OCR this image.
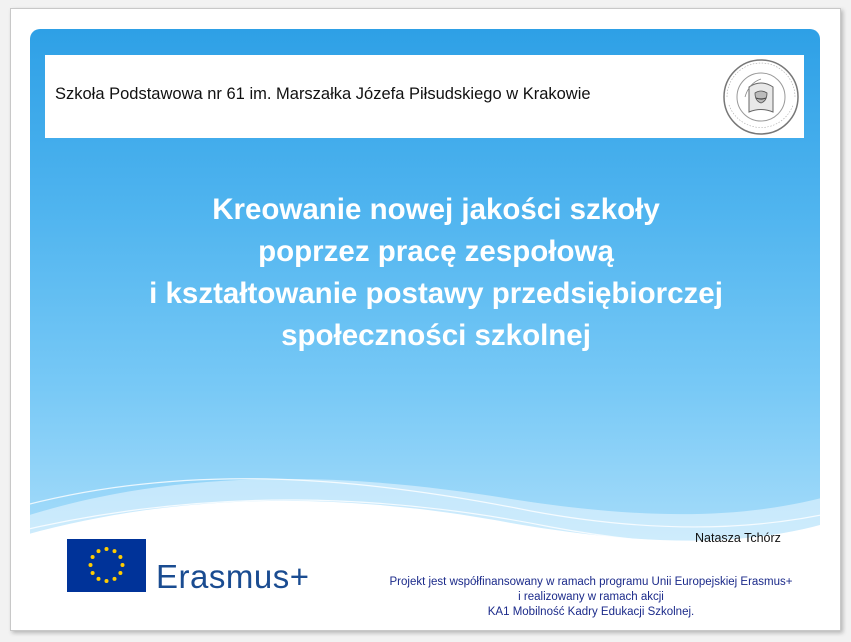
Szkoła Podstawowa nr 61 im. Marszałka Józefa Piłsudskiego w Krakowie
Kreowanie nowej jakości szkoły
poprzez pracę zespołową
i kształtowanie postawy przedsiębiorczej
społeczności szkolnej
Natasza Tchórz
Erasmus+	Projekt jest współfinansowany w ramach programu Unii Europejskiej Erasmus+
i realizowany w ramach akcji
KA1 Mobilność Kadry Edukacji Szkolnej.
